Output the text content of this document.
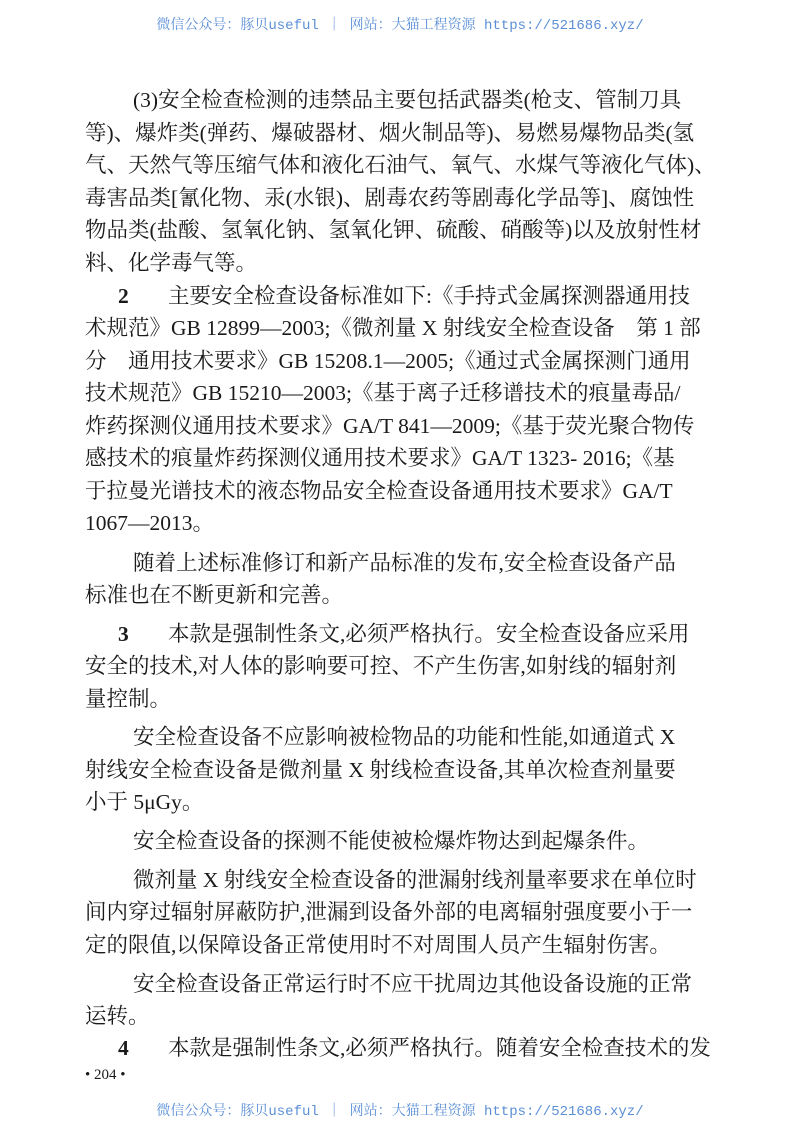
微信公众号：豚贝useful ｜ 网站：大猫工程资源 https://521686.xyz/
(3)安全检查检测的违禁品主要包括武器类(枪支、管制刀具
等)、爆炸类(弹药、爆破器材、烟火制品等)、易燃易爆物品类(氢
气、天然气等压缩气体和液化石油气、氧气、水煤气等液化气体)、
毒害品类[氰化物、汞(水银)、剧毒农药等剧毒化学品等]、腐蚀性
物品类(盐酸、氢氧化钠、氢氧化钾、硫酸、硝酸等)以及放射性材
料、化学毒气等。
2 主要安全检查设备标准如下:《手持式金属探测器通用技
术规范》GB 12899—2003;《微剂量 X 射线安全检查设备　第 1 部
分　通用技术要求》GB 15208.1—2005;《通过式金属探测门通用
技术规范》GB 15210—2003;《基于离子迁移谱技术的痕量毒品/
炸药探测仪通用技术要求》GA/T 841—2009;《基于荧光聚合物传
感技术的痕量炸药探测仪通用技术要求》GA/T 1323- 2016;《基
于拉曼光谱技术的液态物品安全检查设备通用技术要求》GA/T
1067—2013。
随着上述标准修订和新产品标准的发布,安全检查设备产品
标准也在不断更新和完善。
3 本款是强制性条文,必须严格执行。安全检查设备应采用
安全的技术,对人体的影响要可控、不产生伤害,如射线的辐射剂
量控制。
安全检查设备不应影响被检物品的功能和性能,如通道式 X
射线安全检查设备是微剂量 X 射线检查设备,其单次检查剂量要
小于 5μGy。
安全检查设备的探测不能使被检爆炸物达到起爆条件。
微剂量 X 射线安全检查设备的泄漏射线剂量率要求在单位时
间内穿过辐射屏蔽防护,泄漏到设备外部的电离辐射强度要小于一
定的限值,以保障设备正常使用时不对周围人员产生辐射伤害。
安全检查设备正常运行时不应干扰周边其他设备设施的正常
运转。
4 本款是强制性条文,必须严格执行。随着安全检查技术的发
• 204 •
微信公众号：豚贝useful ｜ 网站：大猫工程资源 https://521686.xyz/
